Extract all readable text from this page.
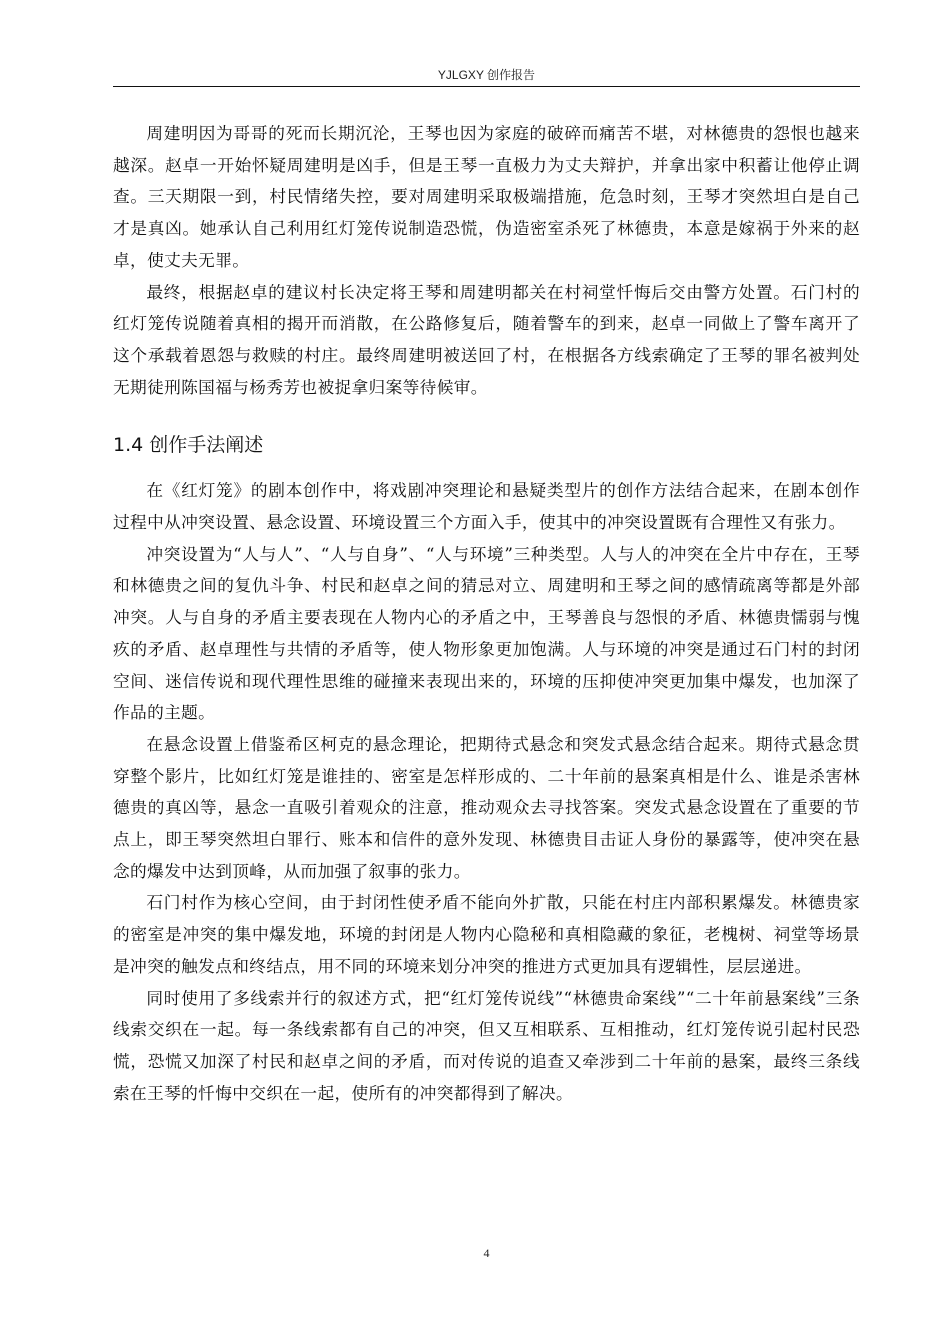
YJLGXY 创作报告

周建明因为哥哥的死而长期沉沦，王琴也因为家庭的破碎而痛苦不堪，对林德贵的怨恨也越来越深。赵卓一开始怀疑周建明是凶手，但是王琴一直极力为丈夫辩护，并拿出家中积蓄让他停止调查。三天期限一到，村民情绪失控，要对周建明采取极端措施，危急时刻，王琴才突然坦白是自己才是真凶。她承认自己利用红灯笼传说制造恐慌，伪造密室杀死了林德贵，本意是嫁祸于外来的赵卓，使丈夫无罪。

最终，根据赵卓的建议村长决定将王琴和周建明都关在村祠堂忏悔后交由警方处置。石门村的红灯笼传说随着真相的揭开而消散，在公路修复后，随着警车的到来，赵卓一同做上了警车离开了这个承载着恩怨与救赎的村庄。最终周建明被送回了村，在根据各方线索确定了王琴的罪名被判处无期徒刑陈国福与杨秀芳也被捉拿归案等待候审。

1.4 创作手法阐述

在《红灯笼》的剧本创作中，将戏剧冲突理论和悬疑类型片的创作方法结合起来，在剧本创作过程中从冲突设置、悬念设置、环境设置三个方面入手，使其中的冲突设置既有合理性又有张力。

冲突设置为“人与人”、“人与自身”、“人与环境”三种类型。人与人的冲突在全片中存在，王琴和林德贵之间的复仇斗争、村民和赵卓之间的猜忌对立、周建明和王琴之间的感情疏离等都是外部冲突。人与自身的矛盾主要表现在人物内心的矛盾之中，王琴善良与怨恨的矛盾、林德贵懦弱与愧疚的矛盾、赵卓理性与共情的矛盾等，使人物形象更加饱满。人与环境的冲突是通过石门村的封闭空间、迷信传说和现代理性思维的碰撞来表现出来的，环境的压抑使冲突更加集中爆发，也加深了作品的主题。

在悬念设置上借鉴希区柯克的悬念理论，把期待式悬念和突发式悬念结合起来。期待式悬念贯穿整个影片，比如红灯笼是谁挂的、密室是怎样形成的、二十年前的悬案真相是什么、谁是杀害林德贵的真凶等，悬念一直吸引着观众的注意，推动观众去寻找答案。突发式悬念设置在了重要的节点上，即王琴突然坦白罪行、账本和信件的意外发现、林德贵目击证人身份的暴露等，使冲突在悬念的爆发中达到顶峰，从而加强了叙事的张力。

石门村作为核心空间，由于封闭性使矛盾不能向外扩散，只能在村庄内部积累爆发。林德贵家的密室是冲突的集中爆发地，环境的封闭是人物内心隐秘和真相隐藏的象征，老槐树、祠堂等场景是冲突的触发点和终结点，用不同的环境来划分冲突的推进方式更加具有逻辑性，层层递进。

同时使用了多线索并行的叙述方式，把“红灯笼传说线”“林德贵命案线”“二十年前悬案线”三条线索交织在一起。每一条线索都有自己的冲突，但又互相联系、互相推动，红灯笼传说引起村民恐慌，恐慌又加深了村民和赵卓之间的矛盾，而对传说的追查又牵涉到二十年前的悬案，最终三条线索在王琴的忏悔中交织在一起，使所有的冲突都得到了解决。

4
